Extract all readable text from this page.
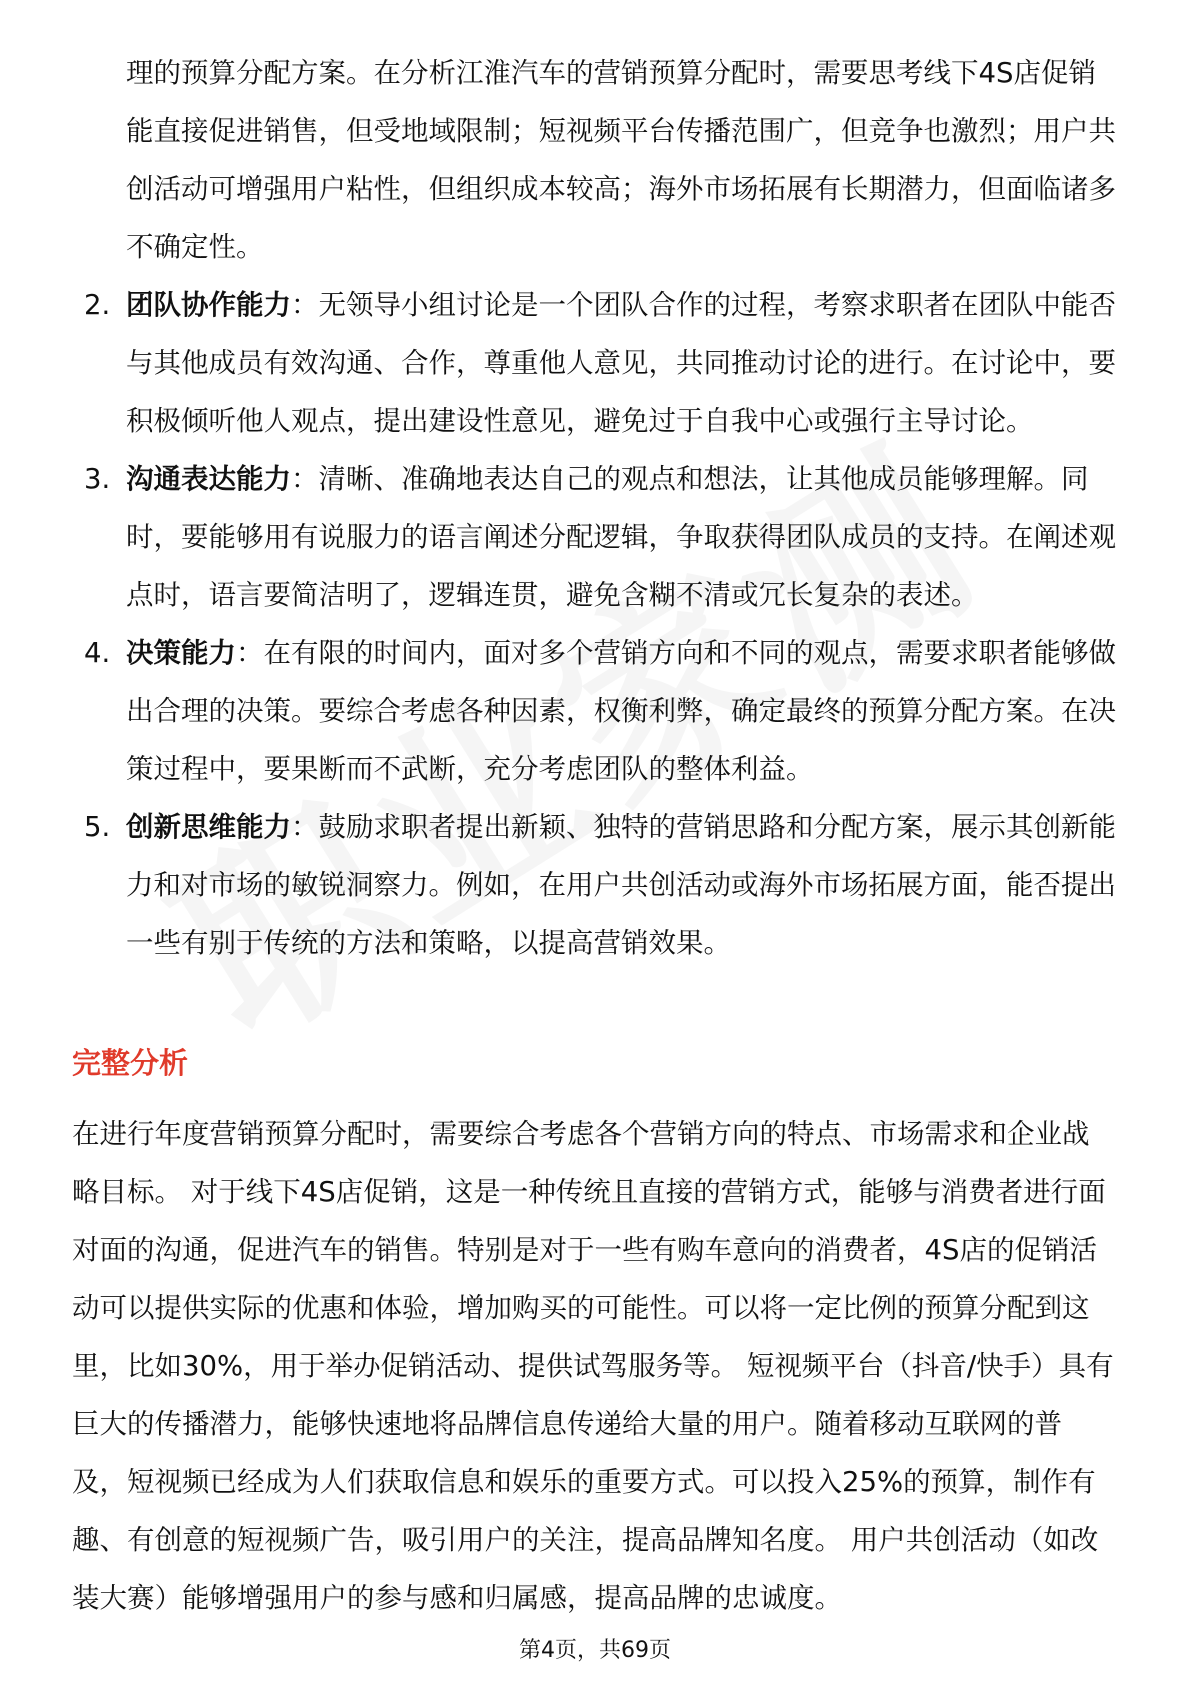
理的预算分配方案。在分析江淮汽车的营销预算分配时，需要思考线下4S店促销能直接促进销售，但受地域限制；短视频平台传播范围广，但竞争也激烈；用户共创活动可增强用户粘性，但组织成本较高；海外市场拓展有长期潜力，但面临诸多不确定性。
2. 团队协作能力：无领导小组讨论是一个团队合作的过程，考察求职者在团队中能否与其他成员有效沟通、合作，尊重他人意见，共同推动讨论的进行。在讨论中，要积极倾听他人观点，提出建设性意见，避免过于自我中心或强行主导讨论。
3. 沟通表达能力：清晰、准确地表达自己的观点和想法，让其他成员能够理解。同时，要能够用有说服力的语言阐述分配逻辑，争取获得团队成员的支持。在阐述观点时，语言要简洁明了，逻辑连贯，避免含糊不清或冗长复杂的表述。
4. 决策能力：在有限的时间内，面对多个营销方向和不同的观点，需要求职者能够做出合理的决策。要综合考虑各种因素，权衡利弊，确定最终的预算分配方案。在决策过程中，要果断而不武断，充分考虑团队的整体利益。
5. 创新思维能力：鼓励求职者提出新颖、独特的营销思路和分配方案，展示其创新能力和对市场的敏锐洞察力。例如，在用户共创活动或海外市场拓展方面，能否提出一些有别于传统的方法和策略，以提高营销效果。
完整分析

在进行年度营销预算分配时，需要综合考虑各个营销方向的特点、市场需求和企业战略目标。 对于线下4S店促销，这是一种传统且直接的营销方式，能够与消费者进行面对面的沟通，促进汽车的销售。特别是对于一些有购车意向的消费者，4S店的促销活动可以提供实际的优惠和体验，增加购买的可能性。可以将一定比例的预算分配到这里，比如30%，用于举办促销活动、提供试驾服务等。 短视频平台（抖音/快手）具有巨大的传播潜力，能够快速地将品牌信息传递给大量的用户。随着移动互联网的普及，短视频已经成为人们获取信息和娱乐的重要方式。可以投入25%的预算，制作有趣、有创意的短视频广告，吸引用户的关注，提高品牌知名度。 用户共创活动（如改装大赛）能够增强用户的参与感和归属感，提高品牌的忠诚度。

第4页，共69页
